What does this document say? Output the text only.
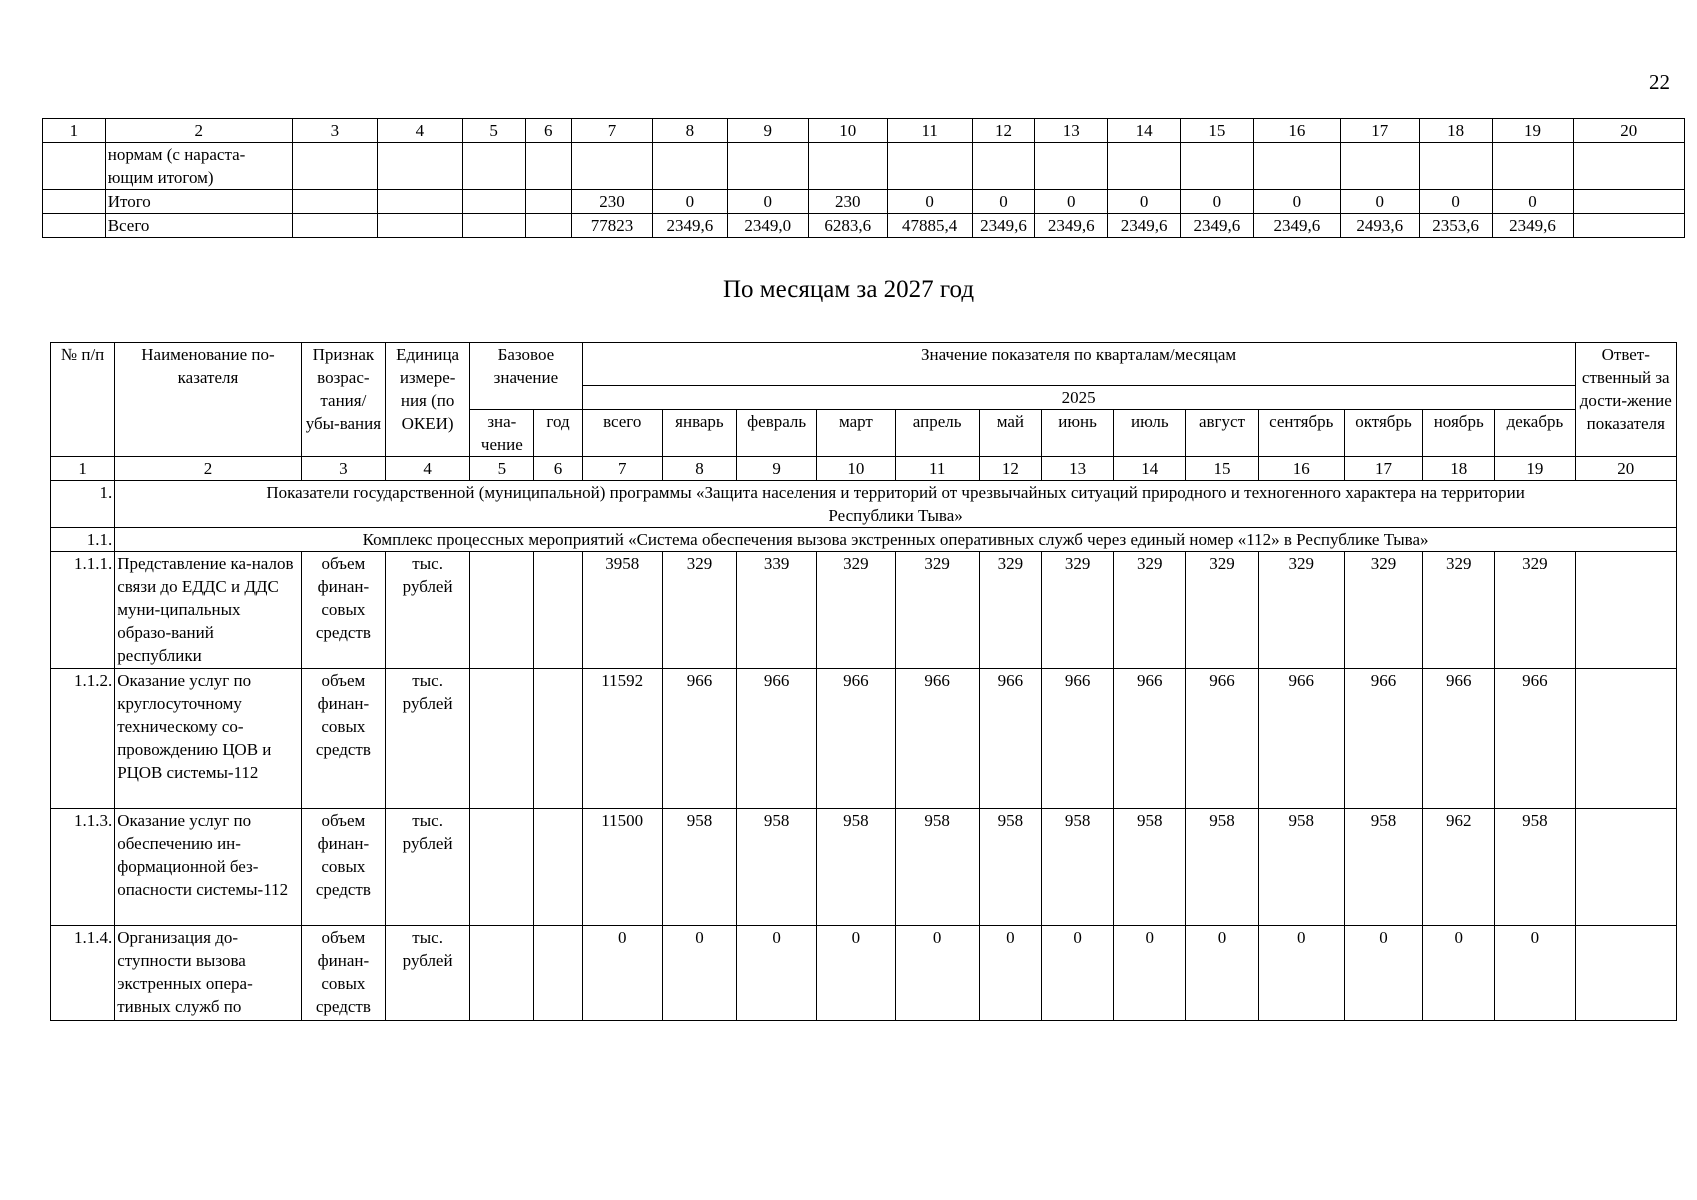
22
1	2	3	4	5	6	7	8	9	10	11	12	13	14	15	16	17	18	19	20
	нормам (с нараста-ющим итогом)																		
	Итого					230	0	0	230	0	0	0	0	0	0	0	0	0	
	Всего					77823	2349,6	2349,0	6283,6	47885,4	2349,6	2349,6	2349,6	2349,6	2349,6	2493,6	2353,6	2349,6	
По месяцам за 2027 год
№ п/п	Наименование по-казателя	Признак возрас-тания/ убы-вания	Единица измере-ния (по ОКЕИ)	Базовое значение		Значение показателя по кварталам/месяцам													Ответ-ственный за дости-жение показателя
						2025													
				зна-чение	год	всего	январь	февраль	март	апрель	май	июнь	июль	август	сентябрь	октябрь	ноябрь	декабрь	
1	2	3	4	5	6	7	8	9	10	11	12	13	14	15	16	17	18	19	20
1.	Показатели государственной (муниципальной) программы «Защита населения и территорий от чрезвычайных ситуаций природного и техногенного характера на территории Республики Тыва»																		
1.1.	Комплекс процессных мероприятий «Система обеспечения вызова экстренных оперативных служб через единый номер «112» в Республике Тыва»																		
1.1.1.	Представление ка-налов связи до ЕДДС и ДДС муни-ципальных образо-ваний республики	объем финан-совых средств	тыс. рублей			3958	329	339	329	329	329	329	329	329	329	329	329	329	
1.1.2.	Оказание услуг по круглосуточному техническому со-провождению ЦОВ и РЦОВ системы-112	объем финан-совых средств	тыс. рублей			11592	966	966	966	966	966	966	966	966	966	966	966	966	
1.1.3.	Оказание услуг по обеспечению ин-формационной без-опасности системы-112	объем финан-совых средств	тыс. рублей			11500	958	958	958	958	958	958	958	958	958	958	962	958	
1.1.4.	Организация до-ступности вызова экстренных опера-тивных служб по	объем финан-совых средств	тыс. рублей			0	0	0	0	0	0	0	0	0	0	0	0	0	
